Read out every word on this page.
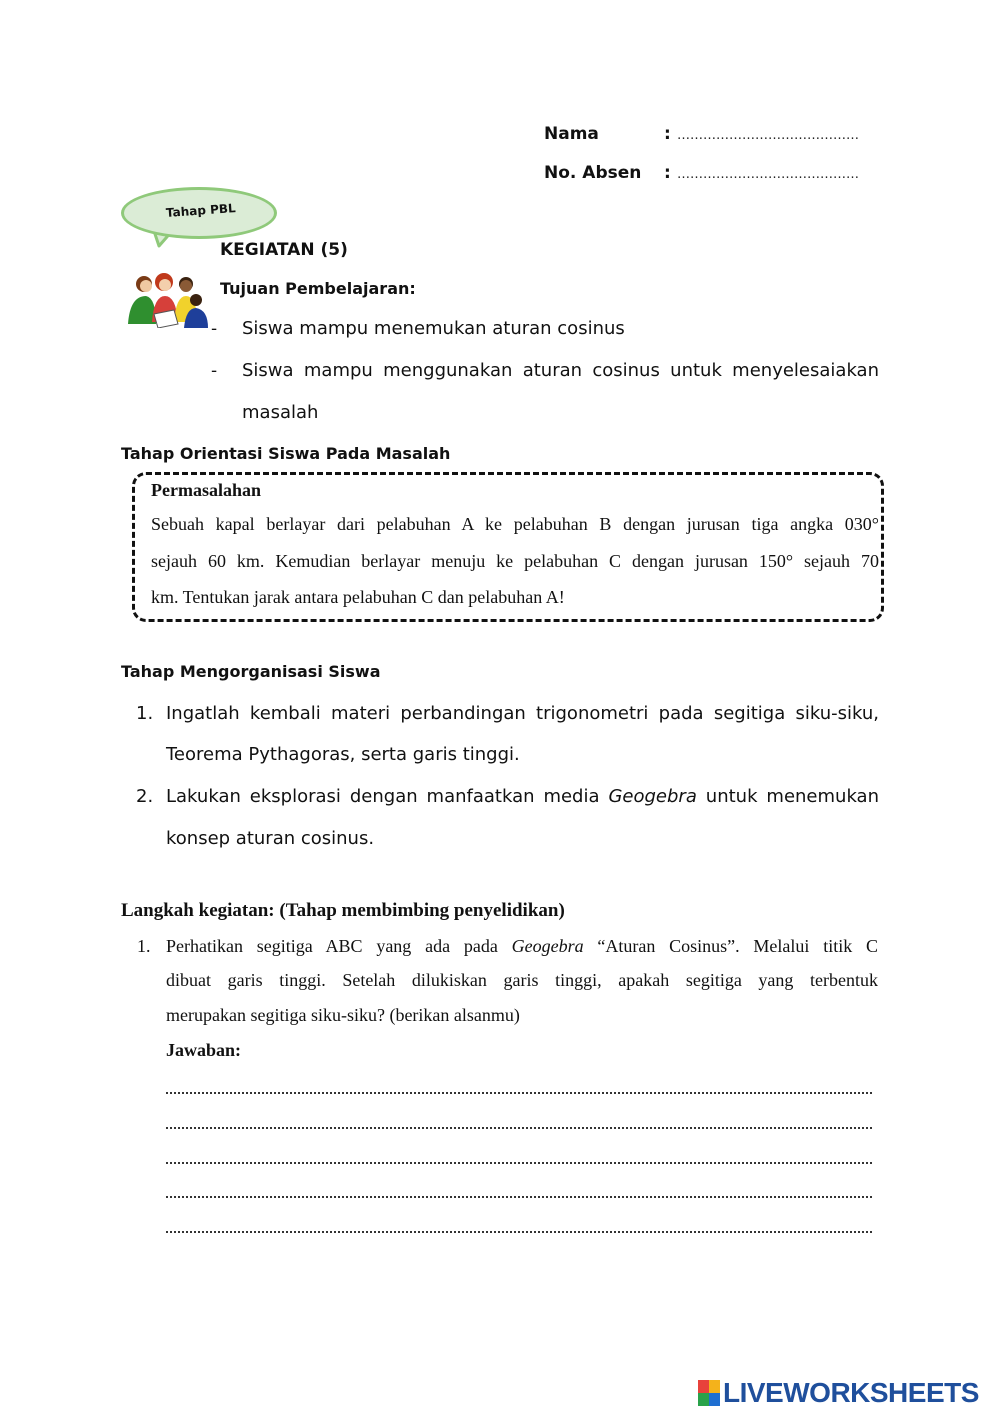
Nama	: ……………………………………
No. Absen : ……………………………………
Tahap PBL
KEGIATAN (5)
Tujuan Pembelajaran:
- Siswa mampu menemukan aturan cosinus
- Siswa mampu menggunakan aturan cosinus untuk menyelesaiakan
masalah
Tahap Orientasi Siswa Pada Masalah
Permasalahan
Sebuah kapal berlayar dari pelabuhan A ke pelabuhan B dengan jurusan tiga angka 030°
sejauh 60 km. Kemudian berlayar menuju ke pelabuhan C dengan jurusan 150° sejauh 70
km. Tentukan jarak antara pelabuhan C dan pelabuhan A!
Tahap Mengorganisasi Siswa
1. Ingatlah kembali materi perbandingan trigonometri pada segitiga siku-siku,
Teorema Pythagoras, serta garis tinggi.
2. Lakukan eksplorasi dengan manfaatkan media Geogebra untuk menemukan
konsep aturan cosinus.
Langkah kegiatan: (Tahap membimbing penyelidikan)
1. Perhatikan segitiga ABC yang ada pada Geogebra “Aturan Cosinus”. Melalui titik C
dibuat garis tinggi. Setelah dilukiskan garis tinggi, apakah segitiga yang terbentuk
merupakan segitiga siku-siku? (berikan alsanmu)
Jawaban:
LIVEWORKSHEETS
